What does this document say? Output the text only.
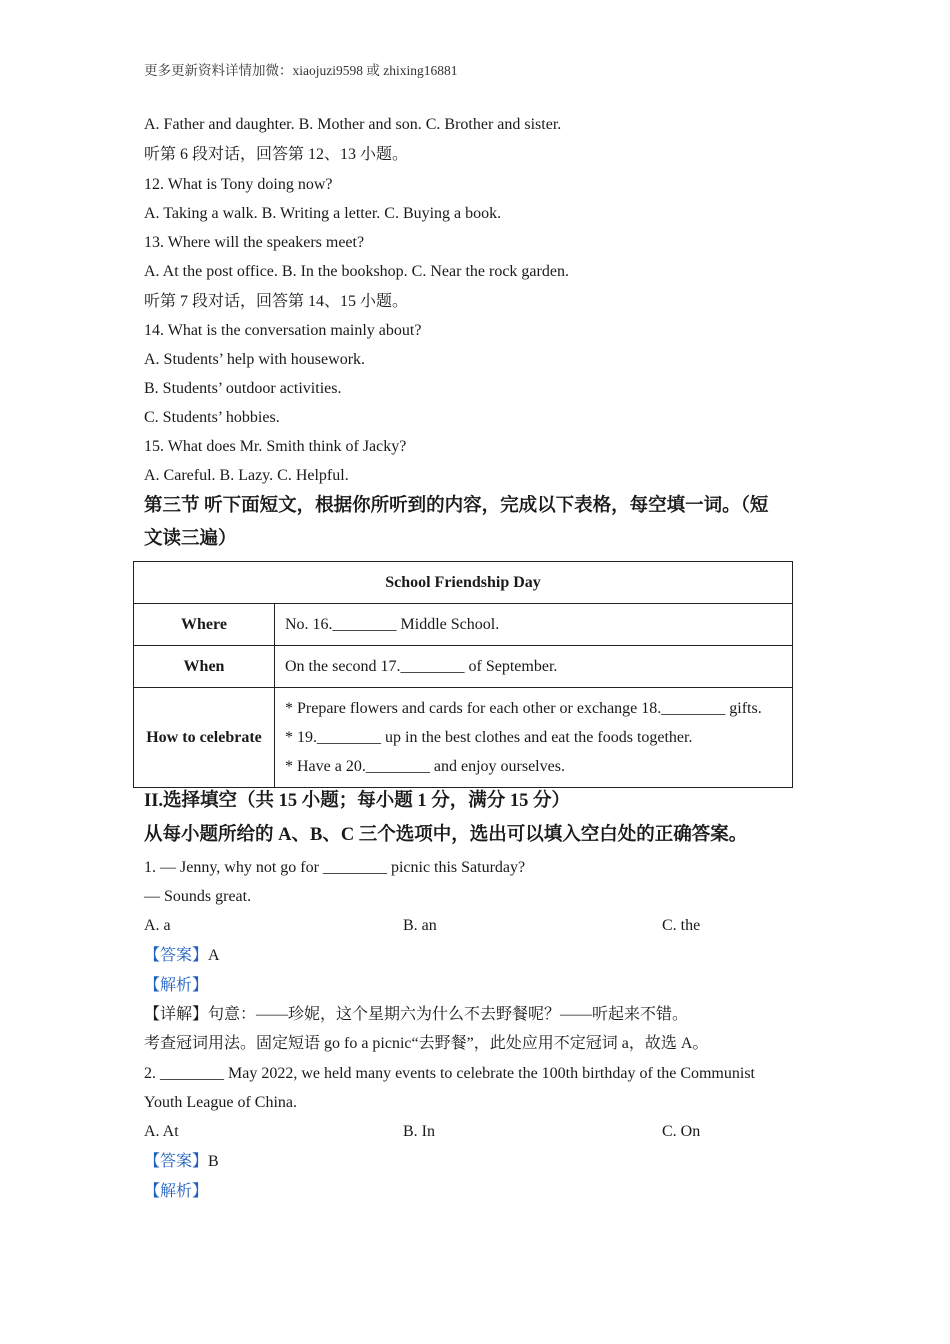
更多更新资料详情加微：xiaojuzi9598 或 zhixing16881
A. Father and daughter. B. Mother and son. C. Brother and sister.
听第 6 段对话，回答第 12、13 小题。
12. What is Tony doing now?
A. Taking a walk. B. Writing a letter. C. Buying a book.
13. Where will the speakers meet?
A. At the post office. B. In the bookshop. C. Near the rock garden.
听第 7 段对话，回答第 14、15 小题。
14. What is the conversation mainly about?
A. Students’ help with housework.
B. Students’ outdoor activities.
C. Students’ hobbies.
15. What does Mr. Smith think of Jacky?
A. Careful. B. Lazy. C. Helpful.
第三节 听下面短文，根据你所听到的内容，完成以下表格，每空填一词。（短
文读三遍）
School Friendship Day	
Where	No. 16.________ Middle School.
When	On the second 17.________ of September.
How to celebrate	* Prepare flowers and cards for each other or exchange 18.________ gifts.
* 19.________ up in the best clothes and eat the foods together.
* Have a 20.________ and enjoy ourselves.
II.选择填空（共 15 小题；每小题 1 分，满分 15 分）
从每小题所给的 A、B、C 三个选项中，选出可以填入空白处的正确答案。
1. — Jenny, why not go for ________ picnic this Saturday?
— Sounds great.
A. a	B. an	C. the
【答案】A
【解析】
【详解】句意：——珍妮，这个星期六为什么不去野餐呢？——听起来不错。
考查冠词用法。固定短语 go fo a picnic“去野餐”，此处应用不定冠词 a，故选 A。
2. ________ May 2022, we held many events to celebrate the 100th birthday of the Communist
Youth League of China.
A. At	B. In	C. On
【答案】B
【解析】
